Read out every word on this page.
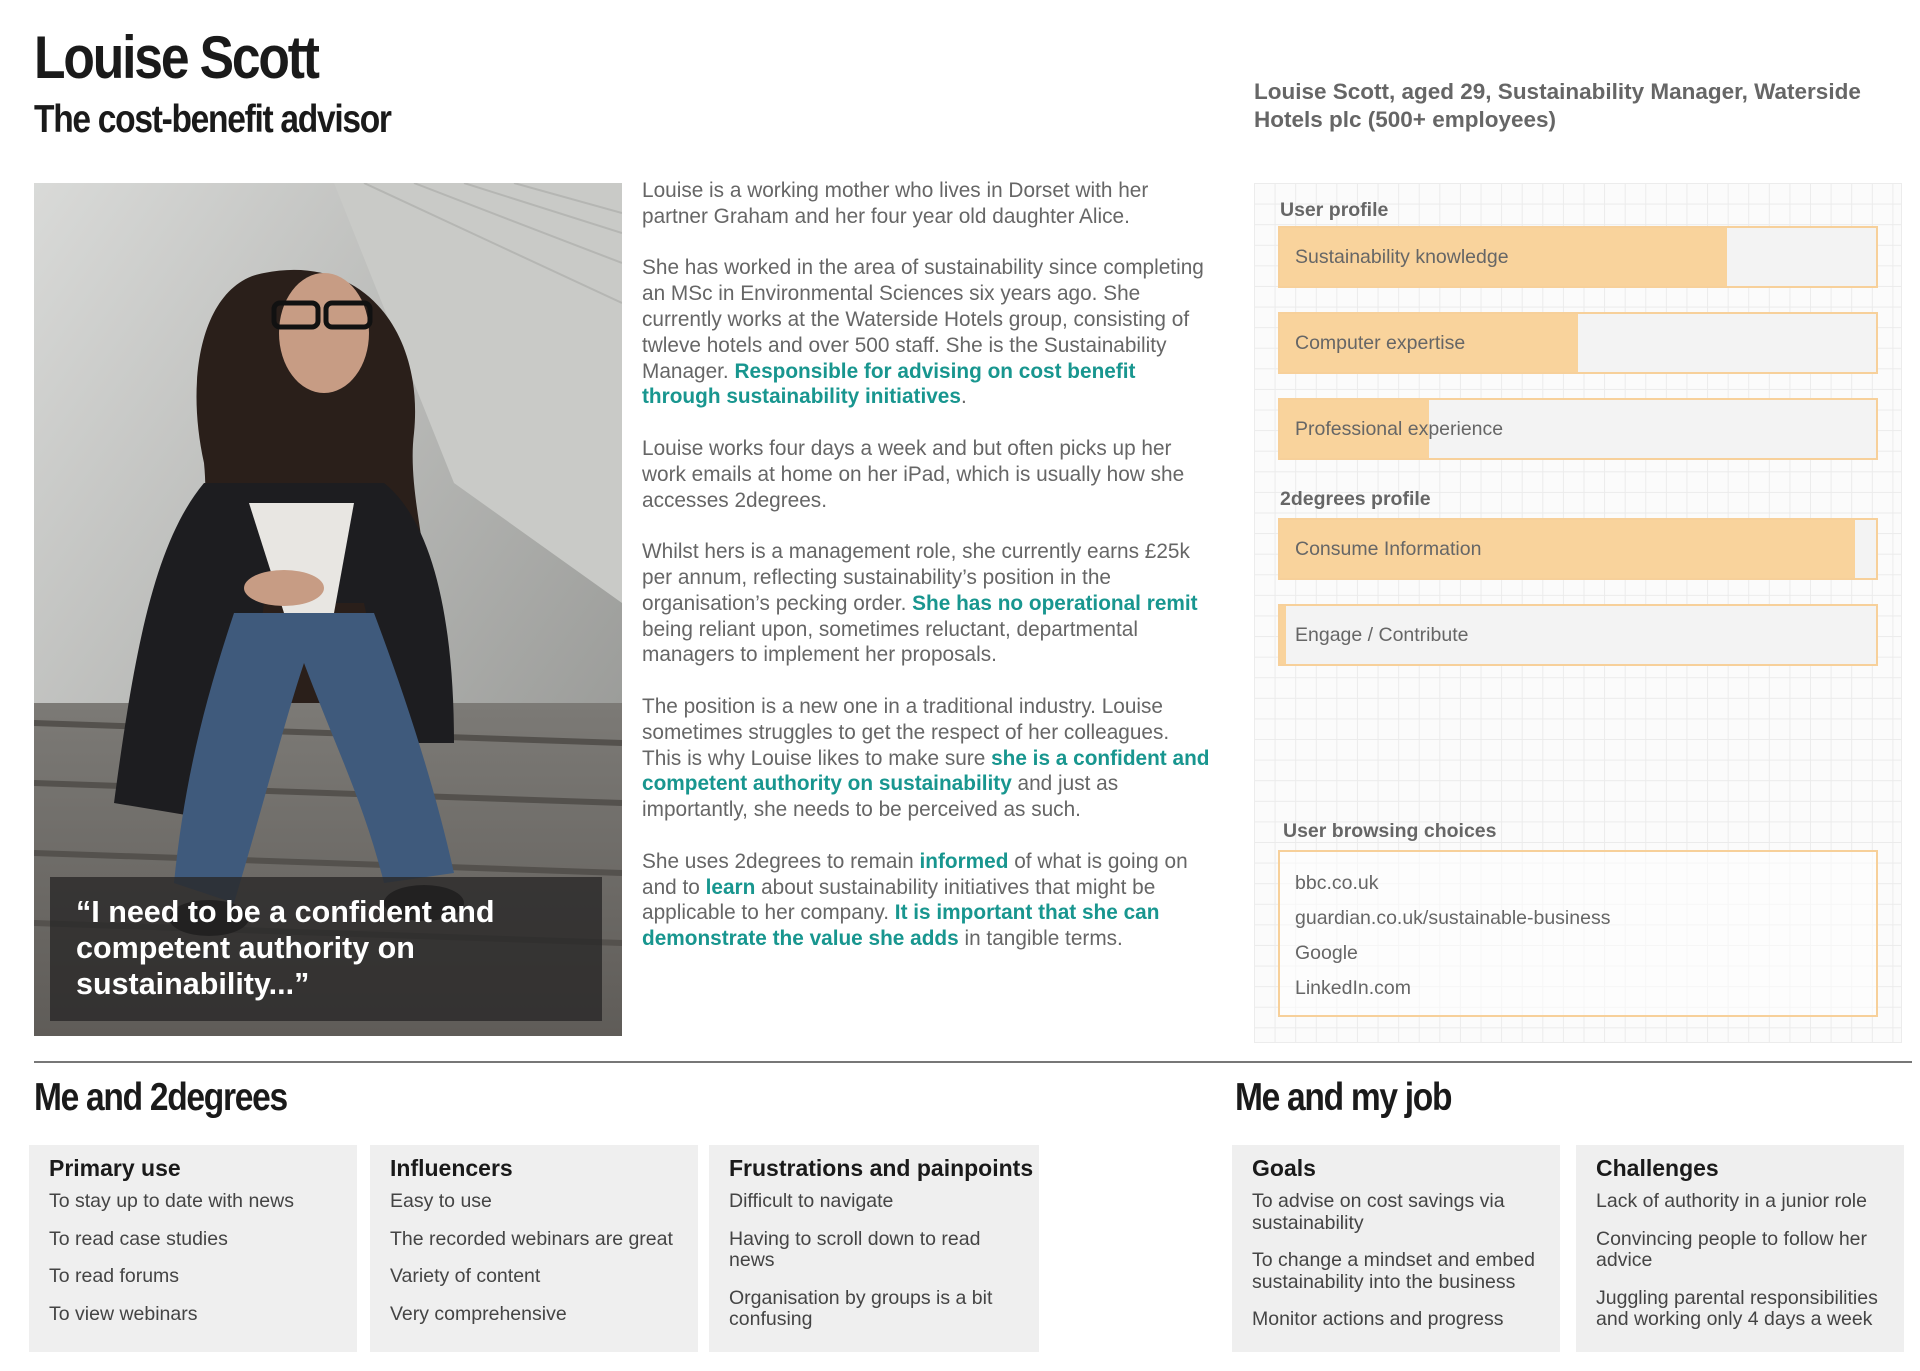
Louise Scott
The cost-benefit advisor
Louise Scott, aged 29, Sustainability Manager, Waterside Hotels plc (500+ employees)
“I need to be a confident and competent authority on sustainability...”

Louise is a working mother who lives in Dorset with her partner Graham and her four year old daughter Alice.

She has worked in the area of sustainability since completing an MSc in Environmental Sciences six years ago. She currently works at the Waterside Hotels group, consisting of twleve hotels and over 500 staff. She is the Sustainability Manager. Responsible for advising on cost benefit through sustainability initiatives.

Louise works four days a week and but often picks up her work emails at home on her iPad, which is usually how she accesses 2degrees.

Whilst hers is a management role, she currently earns £25k per annum, reflecting sustainability’s position in the organisation’s pecking order. She has no operational remit being reliant upon, sometimes reluctant, departmental managers to implement her proposals.

The position is a new one in a traditional industry. Louise sometimes struggles to get the respect of her colleagues. This is why Louise likes to make sure she is a confident and competent authority on sustainability and just as importantly, she needs to be perceived as such.

She uses 2degrees to remain informed of what is going on and to learn about sustainability initiatives that might be applicable to her company. It is important that she can demonstrate the value she adds in tangible terms.

User profile
Sustainability knowledge
Computer expertise
Professional experience
2degrees profile
Consume Information
Engage / Contribute
User browsing choices
bbc.co.uk
guardian.co.uk/sustainable-business
Google
LinkedIn.com
Me and 2degrees	Me and my job
Primary use
To stay up to date with news
To read case studies
To read forums
To view webinars
Influencers
Easy to use
The recorded webinars are great
Variety of content
Very comprehensive
Frustrations and painpoints
Difficult to navigate
Having to scroll down to read news
Organisation by groups is a bit confusing
Goals
To advise on cost savings via sustainability
To change a mindset and embed sustainability into the business
Monitor actions and progress
Challenges
Lack of authority in a junior role
Convincing people to follow her advice
Juggling parental responsibilities and working only 4 days a week
